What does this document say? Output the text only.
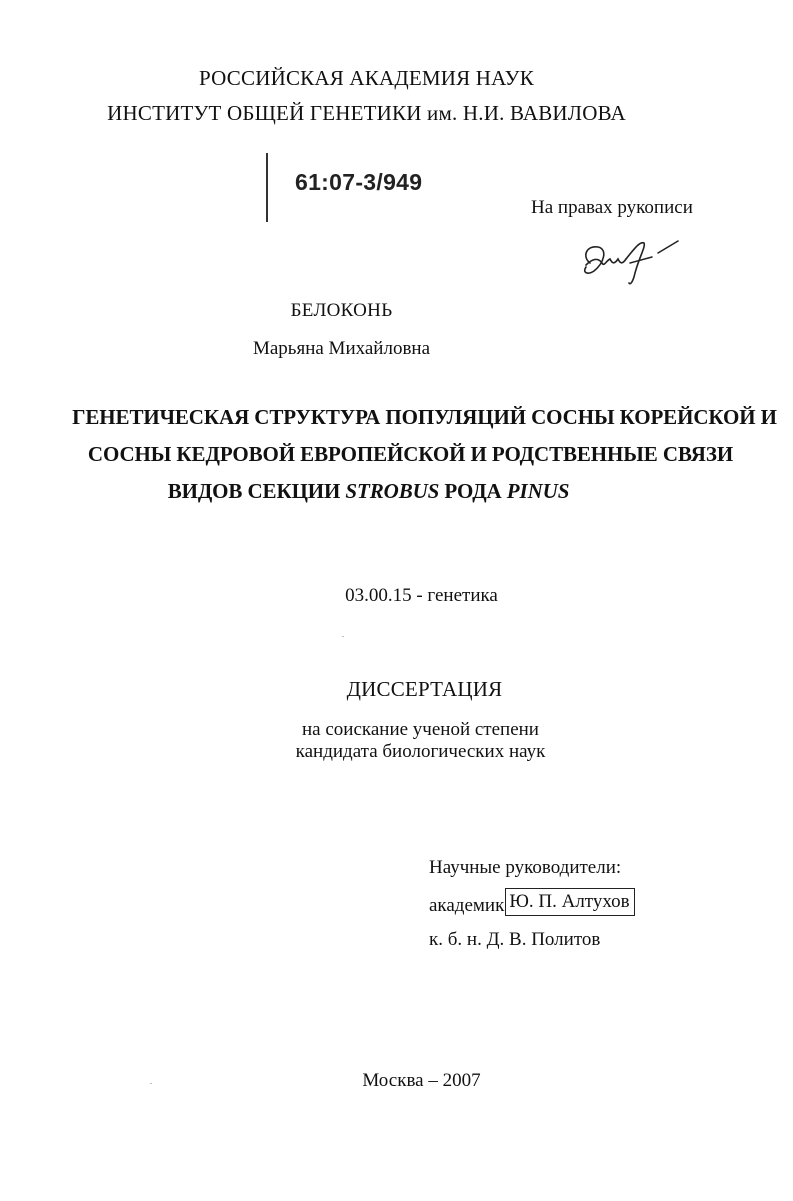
РОССИЙСКАЯ АКАДЕМИЯ НАУК
ИНСТИТУТ ОБЩЕЙ ГЕНЕТИКИ им. Н.И. ВАВИЛОВА
61:07-3/949
На правах рукописи
БЕЛОКОНЬ
Марьяна Михайловна
ГЕНЕТИЧЕСКАЯ СТРУКТУРА ПОПУЛЯЦИЙ СОСНЫ КОРЕЙСКОЙ И
СОСНЫ КЕДРОВОЙ ЕВРОПЕЙСКОЙ И РОДСТВЕННЫЕ СВЯЗИ
ВИДОВ СЕКЦИИ STROBUS РОДА PINUS
03.00.15 - генетика
ДИССЕРТАЦИЯ
на соискание ученой степени
кандидата биологических наук
Научные руководители:
академик Ю. П. Алтухов
к. б. н. Д. В. Политов
Москва – 2007
